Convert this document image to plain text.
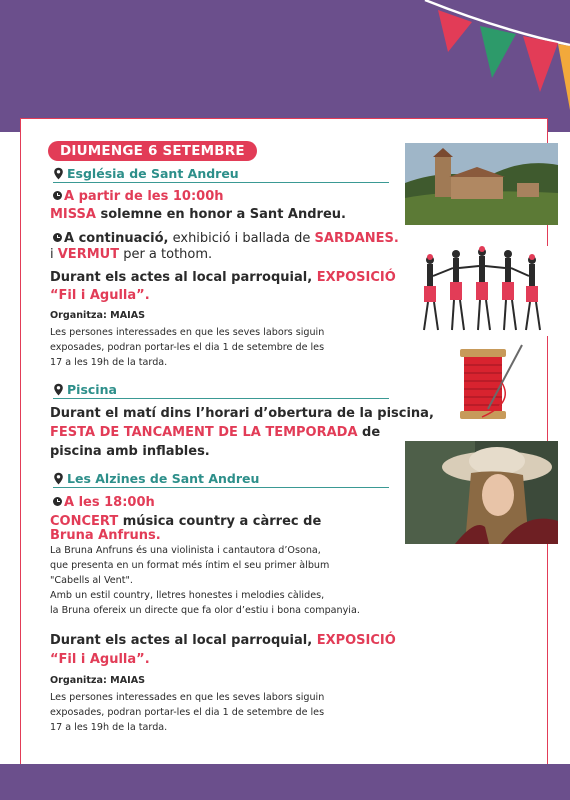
DIUMENGE 6 SETEMBRE
Església de Sant Andreu
A partir de les 10:00h
MISSA solemne en honor a Sant Andreu.
A continuació, exhibició i ballada de SARDANES.
i VERMUT per a tothom.
Durant els actes al local parroquial, EXPOSICIÓ
“Fil i Agulla”.
Organitza: MAIAS
Les persones interessades en que les seves labors siguin
exposades, podran portar-les el dia 1 de setembre de les
17 a les 19h de la tarda.
Piscina
Durant el matí dins l’horari d’obertura de la piscina,
FESTA DE TANCAMENT DE LA TEMPORADA de
piscina amb inflables.
Les Alzines de Sant Andreu
A les 18:00h
CONCERT música country a càrrec de
Bruna Anfruns.
La Bruna Anfruns és una violinista i cantautora d’Osona,
que presenta en un format més íntim el seu primer àlbum
"Cabells al Vent".
Amb un estil country, lletres honestes i melodies càlides,
la Bruna ofereix un directe que fa olor d’estiu i bona companyia.
Durant els actes al local parroquial, EXPOSICIÓ
“Fil i Agulla”.
Organitza: MAIAS
Les persones interessades en que les seves labors siguin
exposades, podran portar-les el dia 1 de setembre de les
17 a les 19h de la tarda.
